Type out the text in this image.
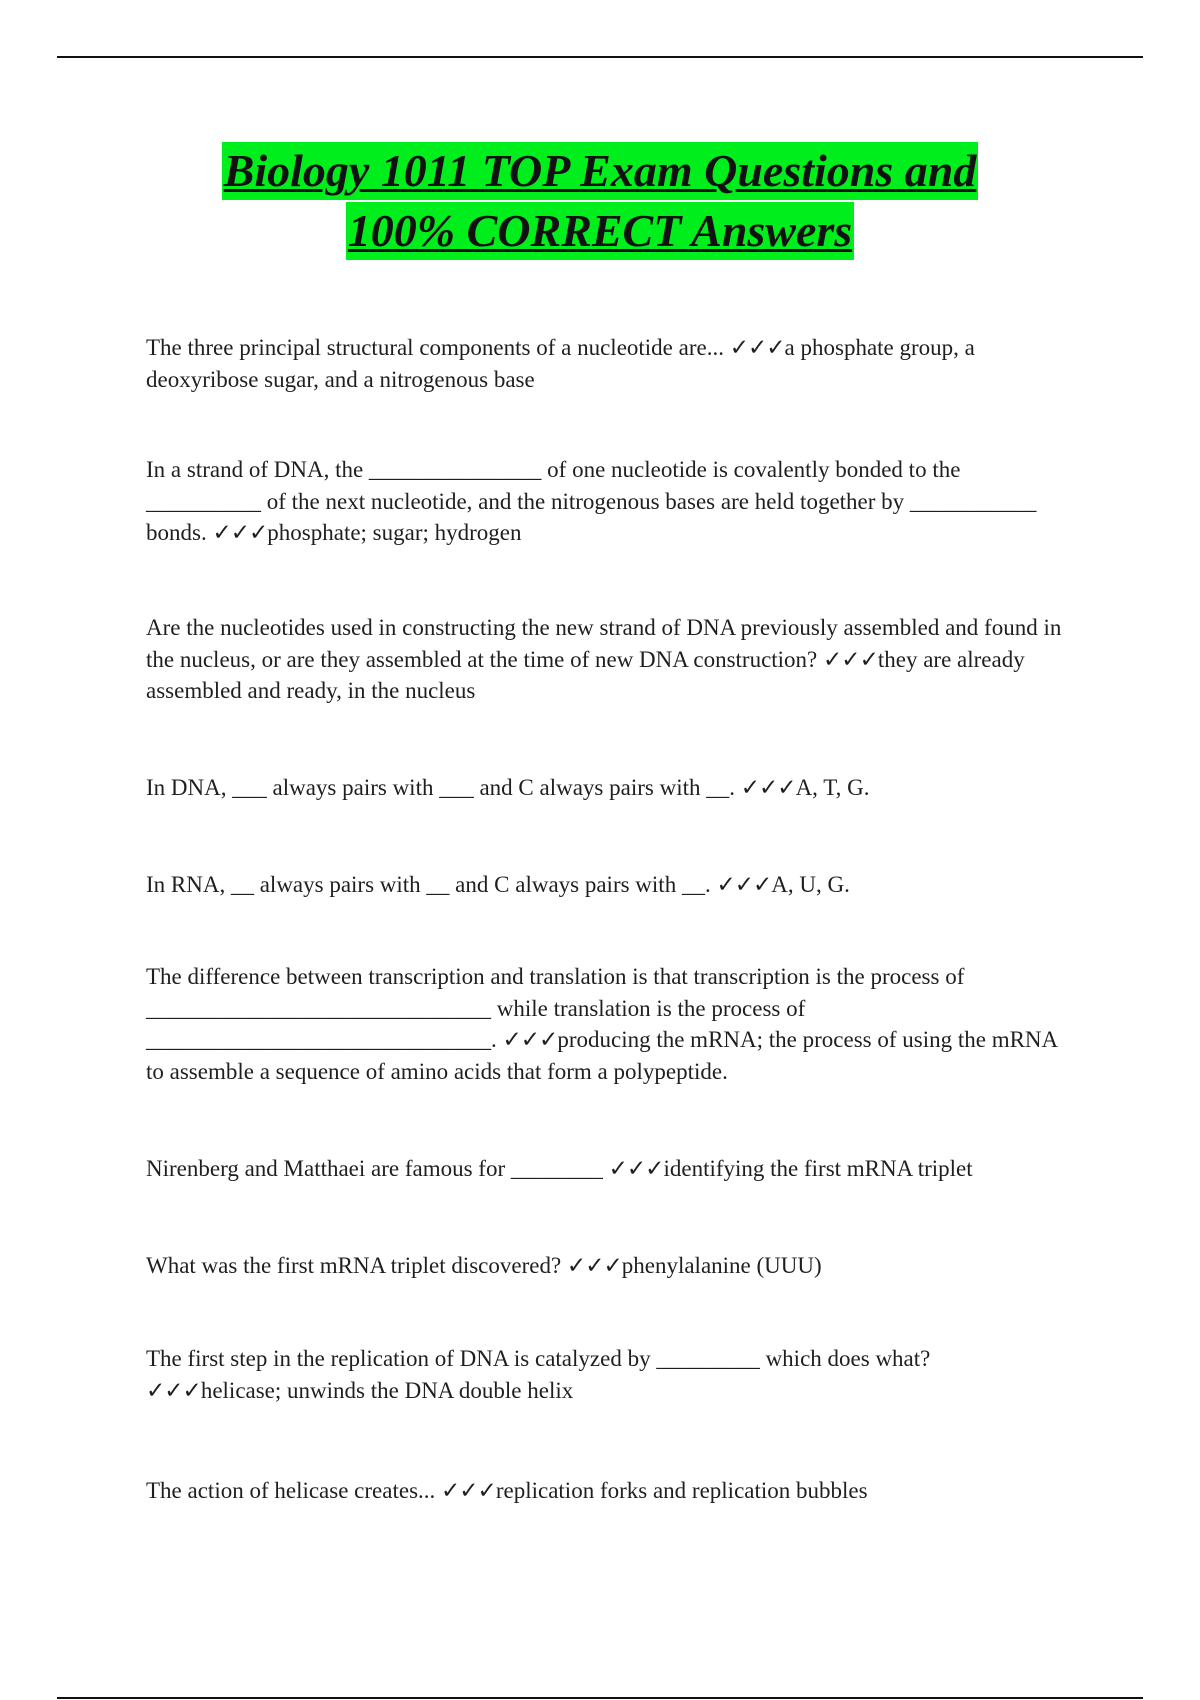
Biology 1011 TOP Exam Questions and
100% CORRECT Answers
The three principal structural components of a nucleotide are... ✓✓✓a phosphate group, a deoxyribose sugar, and a nitrogenous base
In a strand of DNA, the _______________ of one nucleotide is covalently bonded to the __________ of the next nucleotide, and the nitrogenous bases are held together by ___________ bonds. ✓✓✓phosphate; sugar; hydrogen
Are the nucleotides used in constructing the new strand of DNA previously assembled and found in the nucleus, or are they assembled at the time of new DNA construction? ✓✓✓they are already assembled and ready, in the nucleus
In DNA, ___ always pairs with ___ and C always pairs with __. ✓✓✓A, T, G.
In RNA, __ always pairs with __ and C always pairs with __. ✓✓✓A, U, G.
The difference between transcription and translation is that transcription is the process of ______________________________ while translation is the process of ______________________________. ✓✓✓producing the mRNA; the process of using the mRNA to assemble a sequence of amino acids that form a polypeptide.
Nirenberg and Matthaei are famous for ________ ✓✓✓identifying the first mRNA triplet
What was the first mRNA triplet discovered? ✓✓✓phenylalanine (UUU)
The first step in the replication of DNA is catalyzed by _________ which does what? ✓✓✓helicase; unwinds the DNA double helix
The action of helicase creates... ✓✓✓replication forks and replication bubbles
